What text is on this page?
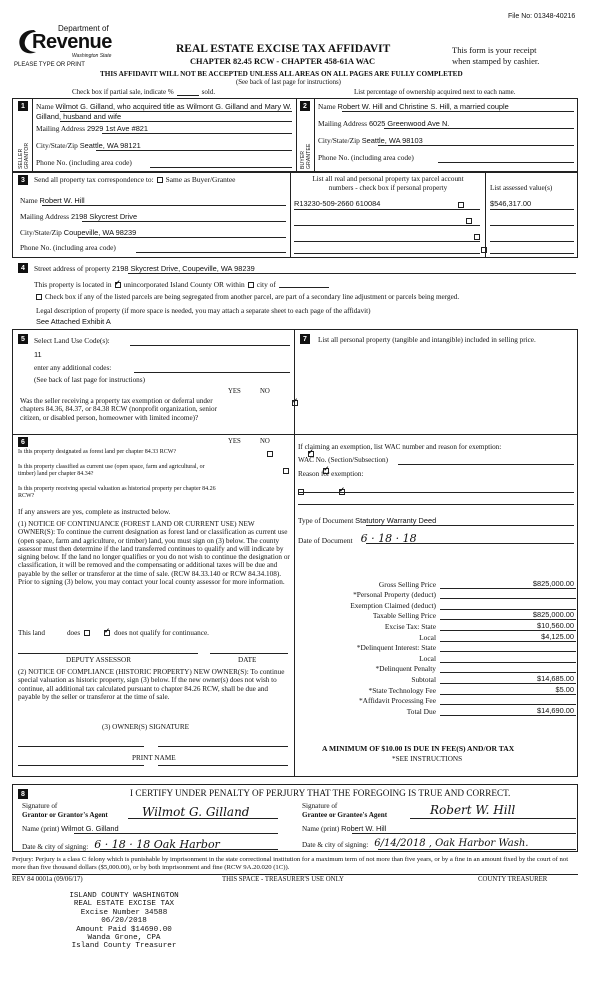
File No: 01348-40216
Department of
Revenue
Washington State
PLEASE TYPE OR PRINT
REAL ESTATE EXCISE TAX AFFIDAVIT
CHAPTER 82.45 RCW - CHAPTER 458-61A WAC
This form is your receipt
when stamped by cashier.
THIS AFFIDAVIT WILL NOT BE ACCEPTED UNLESS ALL AREAS ON ALL PAGES ARE FULLY COMPLETED
(See back of last page for instructions)
Check box if partial sale, indicate %	sold.	List percentage of ownership acquired next to each name.
1
SELLER GRANTOR
Name Wilmot G. Gilland, who acquired title as Wilmont G. Gilland and Mary W. Gilland, husband and wife
Mailing Address 2929 1st Ave #821
City/State/Zip Seattle, WA 98121
Phone No. (including area code)
2
BUYER GRANTEE
Name Robert W. Hill and Christine S. Hill, a married couple
Mailing Address 6025 Greenwood Ave N.
City/State/Zip Seattle, WA 98103
Phone No. (including area code)
3	Send all property tax correspondence to: Same as Buyer/Grantee
Name Robert W. Hill
Mailing Address 2198 Skycrest Drive
City/State/Zip Coupeville, WA 98239
Phone No. (including area code)
List all real and personal property tax parcel account
numbers - check box if personal property	List assessed value(s)
R13230-509-2660 610084	$546,317.00

4	Street address of property 2198 Skycrest Drive, Coupeville, WA 98239
This property is located in ✓ unincorporated Island County OR within city of
Check box if any of the listed parcels are being segregated from another parcel, are part of a secondary line adjustment or parcels being merged.
Legal description of property (if more space is needed, you may attach a separate sheet to each page of the affidavit)
See Attached Exhibit A
5	Select Land Use Code(s):
11
enter any additional codes:
(See back of last page for instructions)
YES	NO
Was the seller receiving a property tax exemption or deferral under chapters 84.36, 84.37, or 84.38 RCW (nonprofit organization, senior citizen, or disabled person, homeowner with limited income)?
✓
6	YES	NO
Is this property designated as forest land per chapter 84.33 RCW?
✓
Is this property classified as current use (open space, farm and agricultural, or timber) land per chapter 84.34?
✓
Is this property receiving special valuation as historical property per chapter 84.26 RCW?
✓
If any answers are yes, complete as instructed below.
(1) NOTICE OF CONTINUANCE (FOREST LAND OR CURRENT USE) NEW OWNER(S): To continue the current designation as forest land or classification as current use (open space, farm and agriculture, or timber) land, you must sign on (3) below. The county assessor must then determine if the land transferred continues to qualify and will indicate by signing below. If the land no longer qualifies or you do not wish to continue the designation or classification, it will be removed and the compensating or additional taxes will be due and payable by the seller or transferor at the time of sale. (RCW 84.33.140 or RCW 84.34.108). Prior to signing (3) below, you may contact your local county assessor for more information.
This land	does ✓	does not qualify for continuance.
DEPUTY ASSESSOR	DATE
(2) NOTICE OF COMPLIANCE (HISTORIC PROPERTY) NEW OWNER(S): To continue special valuation as historic property, sign (3) below. If the new owner(s) does not wish to continue, all additional tax calculated pursuant to chapter 84.26 RCW, shall be due and payable by the seller or transferor at the time of sale.
(3) OWNER(S) SIGNATURE
PRINT NAME
7	List all personal property (tangible and intangible) included in selling price.
If claiming an exemption, list WAC number and reason for exemption:
WAC No. (Section/Subsection)
Reason for exemption:
Type of Document Statutory Warranty Deed
Date of Document 6 · 18 · 18
Gross Selling Price	$825,000.00
*Personal Property (deduct)
Exemption Claimed (deduct)
Taxable Selling Price	$825,000.00
Excise Tax: State	$10,560.00
Local	$4,125.00
*Delinquent Interest: State
Local
*Delinquent Penalty
Subtotal	$14,685.00
*State Technology Fee	$5.00
*Affidavit Processing Fee
Total Due	$14,690.00
A MINIMUM OF $10.00 IS DUE IN FEE(S) AND/OR TAX
*SEE INSTRUCTIONS
8	I CERTIFY UNDER PENALTY OF PERJURY THAT THE FOREGOING IS TRUE AND CORRECT.
Signature of
Grantor or Grantor's Agent	Wilmot G. Gilland
Name (print) Wilmot G. Gilland
Date & city of signing: 6 · 18 · 18 Oak Harbor
Signature of
Grantee or Grantee's Agent	Robert W. Hill
Name (print) Robert W. Hill
Date & city of signing: 6/14/2018 , Oak Harbor Wash.
Perjury: Perjury is a class C felony which is punishable by imprisonment in the state correctional institution for a maximum term of not more than five years, or by a fine in an amount fixed by the court of not more than five thousand dollars ($5,000.00), or by both imprisonment and fine (RCW 9A.20.020 (1C)).
REV 84 0001a (09/06/17)	THIS SPACE - TREASURER'S USE ONLY	COUNTY TREASURER
ISLAND COUNTY WASHINGTON
REAL ESTATE EXCISE TAX
Excise Number 34588
06/20/2018
Amount Paid $14690.00
Wanda Grone, CPA
Island County Treasurer
